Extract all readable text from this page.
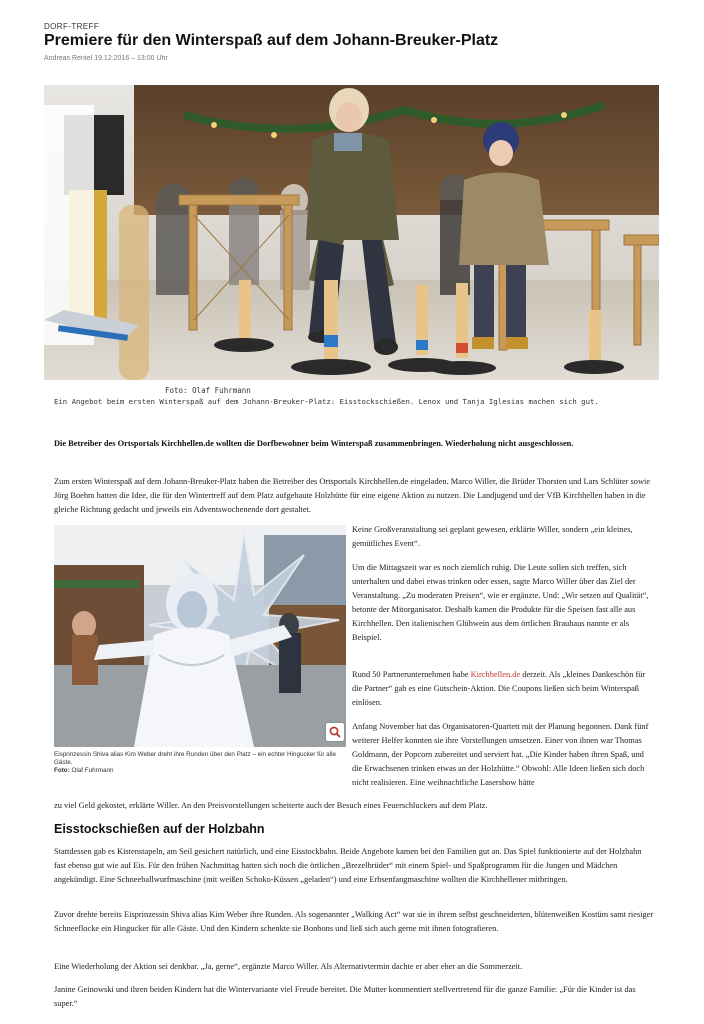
DORF-TREFF
Premiere für den Winterspaß auf dem Johann-Breuker-Platz
Andreas Rentel 19.12.2016 – 13:00 Uhr
Foto: Olaf Fuhrmann
Ein Angebot beim ersten Winterspaß auf dem Johann-Breuker-Platz: Eisstockschießen. Lenox und Tanja Iglesias machen sich gut.

Die Betreiber des Ortsportals Kirchhellen.de wollten die Dorfbewohner beim Winterspaß zusammenbringen. Wiederholung nicht ausgeschlossen.

Zum ersten Winterspaß auf dem Johann-Breuker-Platz haben die Betreiber des Ortsportals Kirchhellen.de eingeladen. Marco Willer, die Brüder Thorsten und Lars Schlüter sowie Jörg Boehm hatten die Idee, die für den Wintertreff auf dem Platz aufgebaute Holzhütte für eine eigene Aktion zu nutzen. Die Landjugend und der VfB Kirchhellen haben in die gleiche Richtung gedacht und jeweils ein Adventswochenende dort gestaltet.

Eisprinzessin Shiva alias Kim Weber dreht ihre Runden über den Platz – ein echter Hingucker für alle Gäste.
Foto: Olaf Fuhrmann

Keine Großveranstaltung sei geplant gewesen, erklärte Willer, sondern „ein kleines, gemütliches Event“.

Um die Mittagszeit war es noch ziemlich ruhig. Die Leute sollen sich treffen, sich unterhalten und dabei etwas trinken oder essen, sagte Marco Willer über das Ziel der Veranstaltung. „Zu moderaten Preisen“, wie er ergänzte. Und: „Wir setzen auf Qualität“, betonte der Mitorganisator. Deshalb kamen die Produkte für die Speisen fast alle aus Kirchhellen. Den italienischen Glühwein aus dem örtlichen Brauhaus nannte er als Beispiel.

Rund 50 Partnerunternehmen habe Kirchhellen.de derzeit. Als „kleines Dankeschön für die Partner“ gab es eine Gutschein-Aktion. Die Coupons ließen sich beim Winterspaß einlösen.

Anfang November hat das Organisatoren-Quartett mit der Planung begonnen. Dank fünf weiterer Helfer konnten sie ihre Vorstellungen umsetzen. Einer von ihnen war Thomas Goldmann, der Popcorn zubereitet und serviert hat. „Die Kinder haben ihren Spaß, und die Erwachsenen trinken etwas an der Holzhütte.“ Obwohl: Alle Ideen ließen sich doch nicht realisieren. Eine weihnachtliche Lasershow hätte

zu viel Geld gekostet, erklärte Willer. An den Preisvorstellungen scheiterte auch der Besuch eines Feuerschluckers auf dem Platz.

Eisstockschießen auf der Holzbahn

Stattdessen gab es Kistenstapeln, am Seil gesichert natürlich, und eine Eisstockbahn. Beide Angebote kamen bei den Familien gut an. Das Spiel funktionierte auf der Holzbahn fast ebenso gut wie auf Eis. Für den frühen Nachmittag hatten sich noch die örtlichen „Brezelbrüder“ mit einem Spiel- und Spaßprogramm für die Jungen und Mädchen angekündigt. Eine Schneeballwurfmaschine (mit weißen Schoko-Küssen „geladen“) und eine Erbsenfangmaschine wollten die Kirchhellener mitbringen.

Zuvor drehte bereits Eisprinzessin Shiva alias Kim Weber ihre Runden. Als sogenannter „Walking Act“ war sie in ihrem selbst geschneiderten, blütenweißen Kostüm samt riesiger Schneeflocke ein Hingucker für alle Gäste. Und den Kindern schenkte sie Bonbons und ließ sich auch gerne mit ihnen fotografieren.

Eine Wiederholung der Aktion sei denkbar. „Ja, gerne“, ergänzte Marco Willer. Als Alternativtermin dachte er aber eher an die Sommerzeit.

Janine Geinowski und ihren beiden Kindern hat die Wintervariante viel Freude bereitet. Die Mutter kommentiert stellvertretend für die ganze Familie: „Für die Kinder ist das super.“
